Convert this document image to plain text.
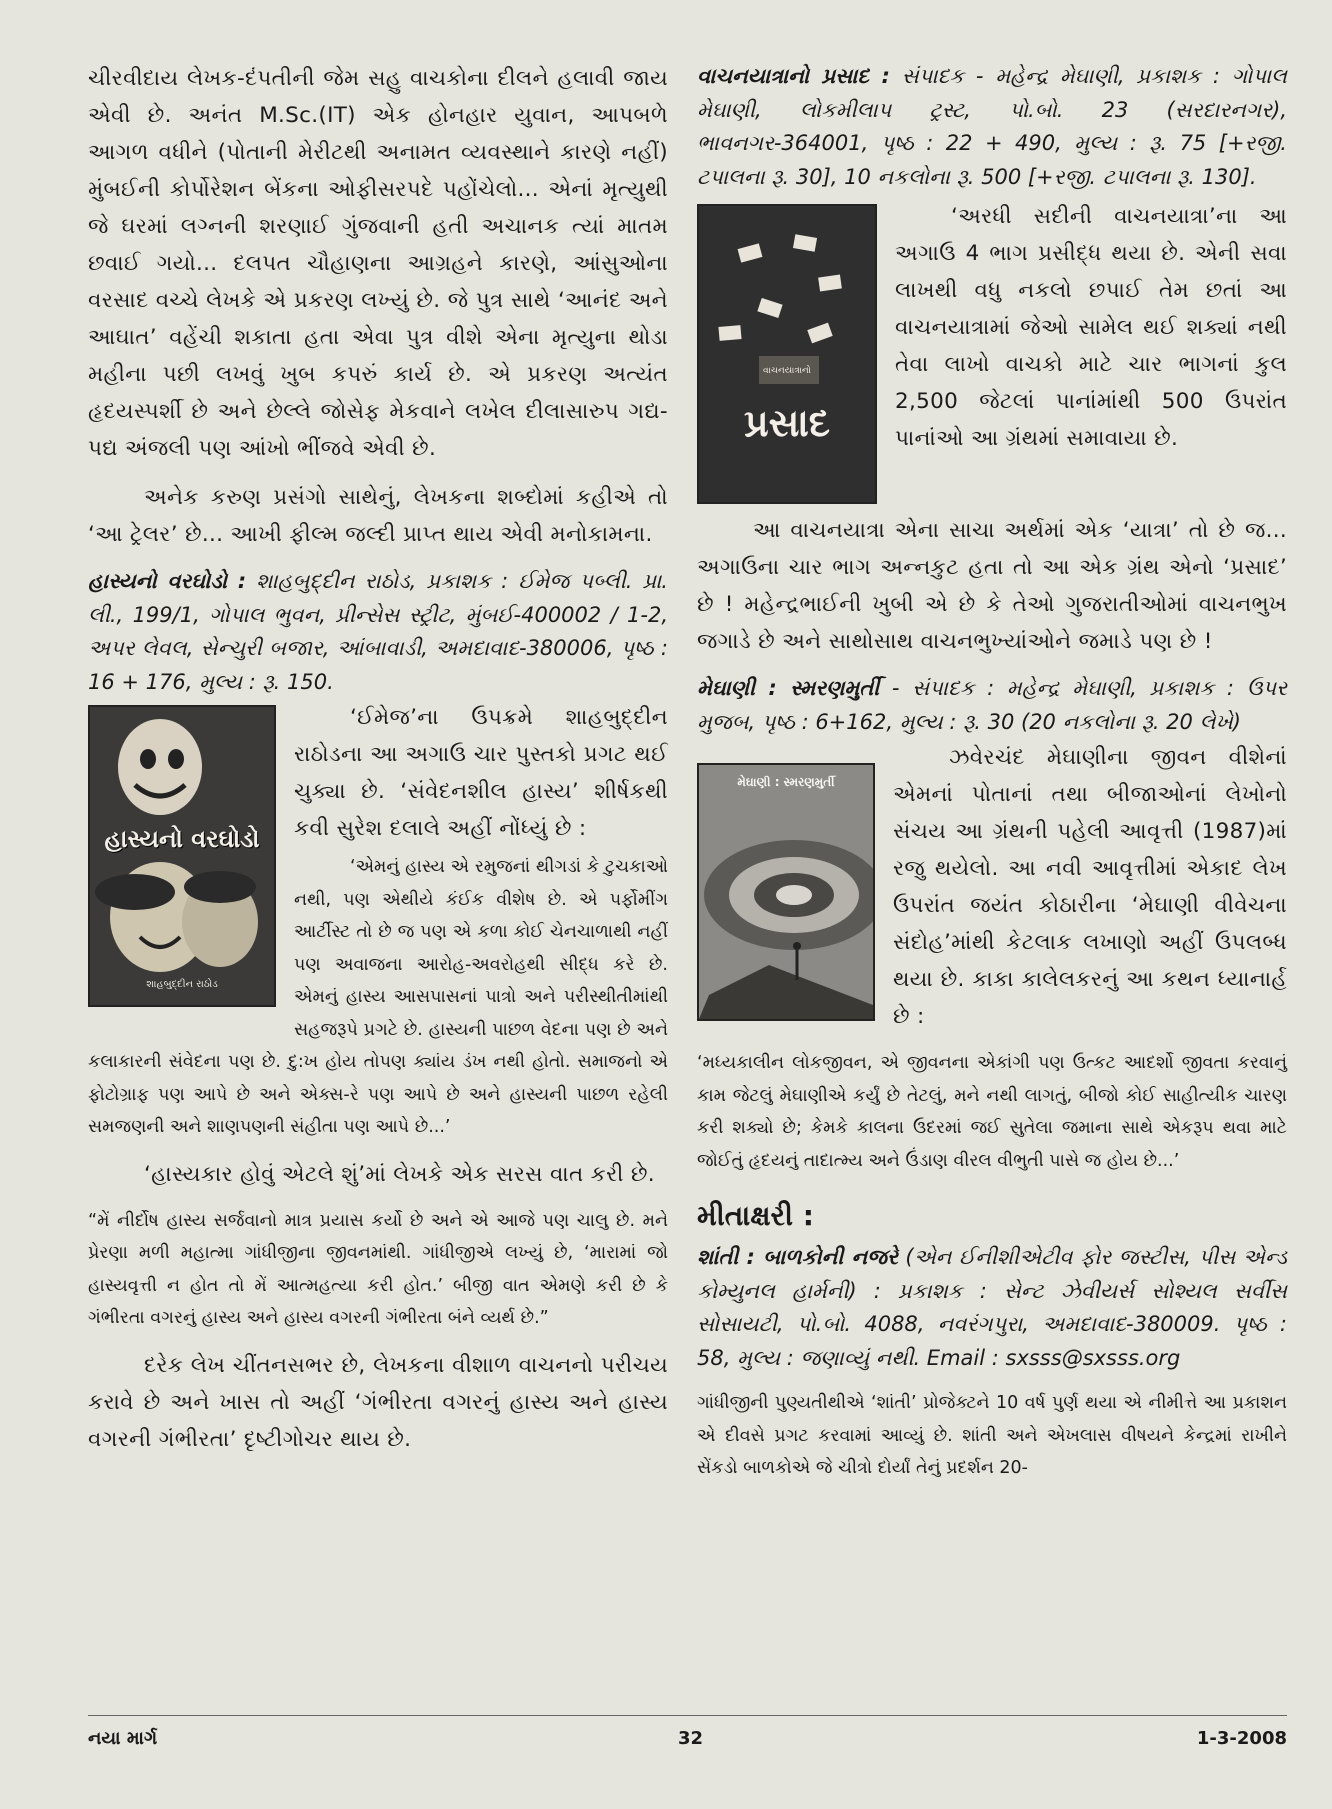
ચીરવીદાય લેખક-દંપતીની જેમ સહુ વાચકોના દીલને હલાવી જાય એવી છે. અનંત M.Sc.(IT) એક હોનહાર યુવાન, આપબળે આગળ વધીને (પોતાની મેરીટથી અનામત વ્યવસ્થાને કારણે નહીં) મુંબઈની કોર્પોરેશન બેંકના ઓફીસરપદે પહોંચેલો... એનાં મૃત્યુથી જે ઘરમાં લગ્નની શરણાઈ ગુંજવાની હતી અચાનક ત્યાં માતમ છવાઈ ગયો... દલપત ચૌહાણના આગ્રહને કારણે, આંસુઓના વરસાદ વચ્ચે લેખકે એ પ્રકરણ લખ્યું છે. જે પુત્ર સાથે ‘આનંદ અને આઘાત’ વહેંચી શકાતા હતા એવા પુત્ર વીશે એના મૃત્યુના થોડા મહીના પછી લખવું ખુબ કપરું કાર્ય છે. એ પ્રકરણ અત્યંત હૃદયસ્પર્શી છે અને છેલ્લે જોસેફ મેકવાને લખેલ દીલાસારુપ ગદ્ય-પદ્ય અંજલી પણ આંખો ભીંજવે એવી છે.

અનેક કરુણ પ્રસંગો સાથેનું, લેખકના શબ્દોમાં કહીએ તો ‘આ ટ્રેલર’ છે... આખી ફીલ્મ જલ્દી પ્રાપ્ત થાય એવી મનોકામના.

હાસ્યનો વરઘોડો : શાહબુદ્દીન રાઠોડ, પ્રકાશક : ઈમેજ પબ્લી. પ્રા. લી., 199/1, ગોપાલ ભુવન, પ્રીન્સેસ સ્ટ્રીટ, મુંબઈ-400002 / 1-2, અપર લેવલ, સેન્ચુરી બજાર, આંબાવાડી, અમદાવાદ-380006, પૃષ્ઠ : 16 + 176, મુલ્ય : રૂ. 150.

હાસ્યનો વરઘોડો
શાહબુદ્દીન રાઠોડ

‘ઈમેજ’ના ઉપક્રમે શાહબુદ્દીન રાઠોડના આ અગાઉ ચાર પુસ્તકો પ્રગટ થઈ ચુક્યા છે. ‘સંવેદનશીલ હાસ્ય’ શીર્ષકથી કવી સુરેશ દલાલે અહીં નોંધ્યું છે :

‘એમનું હાસ્ય એ રમુજનાં થીગડાં કે ટુચકાઓ નથી, પણ એથીયે કંઈક વીશેષ છે. એ પર્ફોમીંગ આર્ટીસ્ટ તો છે જ પણ એ કળા કોઈ ચેનચાળાથી નહીં પણ અવાજના આરોહ-અવરોહથી સીદ્ધ કરે છે. એમનું હાસ્ય આસપાસનાં પાત્રો અને પરીસ્થીતીમાંથી સહજરૂપે પ્રગટે છે. હાસ્યની પાછળ વેદના પણ છે અને કલાકારની સંવેદના પણ છે. દુ:ખ હોય તોપણ ક્યાંય ડંખ નથી હોતો. સમાજનો એ ફોટોગ્રાફ પણ આપે છે અને એક્સ-રે પણ આપે છે અને હાસ્યની પાછળ રહેલી સમજણની અને શાણપણની સંહીતા પણ આપે છે...’

‘હાસ્યકાર હોવું એટલે શું’માં લેખકે એક સરસ વાત કરી છે.

“મેં નીર્દોષ હાસ્ય સર્જવાનો માત્ર પ્રયાસ કર્યો છે અને એ આજે પણ ચાલુ છે. મને પ્રેરણા મળી મહાત્મા ગાંધીજીના જીવનમાંથી. ગાંધીજીએ લખ્યું છે, ‘મારામાં જો હાસ્યવૃત્તી ન હોત તો મેં આત્મહત્યા કરી હોત.’ બીજી વાત એમણે કરી છે કે ગંભીરતા વગરનું હાસ્ય અને હાસ્ય વગરની ગંભીરતા બંને વ્યર્થ છે.”

દરેક લેખ ચીંતનસભર છે, લેખકના વીશાળ વાચનનો પરીચય કરાવે છે અને ખાસ તો અહીં ‘ગંભીરતા વગરનું હાસ્ય અને હાસ્ય વગરની ગંભીરતા’ દૃષ્ટીગોચર થાય છે.

વાચનયાત્રાનો પ્રસાદ : સંપાદક - મહેન્દ્ર મેઘાણી, પ્રકાશક : ગોપાલ મેઘાણી, લોકમીલાપ ટ્રસ્ટ, પો.બો. 23 (સરદારનગર), ભાવનગર-364001, પૃષ્ઠ : 22 + 490, મુલ્ય : રૂ. 75 [+રજી. ટપાલના રૂ. 30], 10 નકલોના રૂ. 500 [+રજી. ટપાલના રૂ. 130].

વાચનયાત્રાનો
પ્રસાદ

‘અરધી સદીની વાચનયાત્રા’ના આ અગાઉ 4 ભાગ પ્રસીદ્ધ થયા છે. એની સવા લાખથી વધુ નકલો છપાઈ તેમ છતાં આ વાચનયાત્રામાં જેઓ સામેલ થઈ શક્યાં નથી તેવા લાખો વાચકો માટે ચાર ભાગનાં કુલ 2,500 જેટલાં પાનાંમાંથી 500 ઉપરાંત પાનાંઓ આ ગ્રંથમાં સમાવાયા છે.

આ વાચનયાત્રા એના સાચા અર્થમાં એક ‘યાત્રા’ તો છે જ... અગાઉના ચાર ભાગ અન્નકુટ હતા તો આ એક ગ્રંથ એનો ‘પ્રસાદ’ છે ! મહેન્દ્રભાઈની ખુબી એ છે કે તેઓ ગુજરાતીઓમાં વાચનભુખ જગાડે છે અને સાથોસાથ વાચનભુખ્યાંઓને જમાડે પણ છે !

મેઘાણી : સ્મરણમુર્તી - સંપાદક : મહેન્દ્ર મેઘાણી, પ્રકાશક : ઉપર મુજબ, પૃષ્ઠ : 6+162, મુલ્ય : રૂ. 30 (20 નકલોના રૂ. 20 લેખે)

મેઘાણી : સ્મરણમુર્તી

ઝવેરચંદ મેઘાણીના જીવન વીશેનાં એમનાં પોતાનાં તથા બીજાઓનાં લેખોનો સંચય આ ગ્રંથની પહેલી આવૃત્તી (1987)માં રજુ થયેલો. આ નવી આવૃત્તીમાં એકાદ લેખ ઉપરાંત જયંત કોઠારીના ‘મેઘાણી વીવેચના સંદોહ’માંથી કેટલાક લખાણો અહીં ઉપલબ્ધ થયા છે. કાકા કાલેલકરનું આ કથન ધ્યાનાર્હ છે :

‘મધ્યકાલીન લોકજીવન, એ જીવનના એકાંગી પણ ઉત્કટ આદર્શો જીવતા કરવાનું કામ જેટલું મેઘાણીએ કર્યું છે તેટલું, મને નથી લાગતું, બીજો કોઈ સાહીત્યીક ચારણ કરી શક્યો છે; કેમકે કાલના ઉદરમાં જઈ સુતેલા જમાના સાથે એકરૂપ થવા માટે જોઈતું હૃદયનું તાદાત્મ્ય અને ઉંડાણ વીરલ વીભુતી પાસે જ હોય છે...’

મીતાક્ષરી :

શાંતી : બાળકોની નજરે (એન ઈનીશીએટીવ ફોર જસ્ટીસ, પીસ એન્ડ કોમ્યુનલ હાર્મની) : પ્રકાશક : સેન્ટ ઝેવીયર્સ સોશ્યલ સર્વીસ સોસાયટી, પો.બો. 4088, નવરંગપુરા, અમદાવાદ-380009. પૃષ્ઠ : 58, મુલ્ય : જણાવ્યું નથી. Email : sxsss@sxsss.org

ગાંધીજીની પુણ્યતીથીએ ‘શાંતી’ પ્રોજેક્ટને 10 વર્ષ પુર્ણ થયા એ નીમીત્તે આ પ્રકાશન એ દીવસે પ્રગટ કરવામાં આવ્યું છે. શાંતી અને એખલાસ વીષયને કેન્દ્રમાં રાખીને સેંકડો બાળકોએ જે ચીત્રો દોર્યાં તેનું પ્રદર્શન 20-

નયા માર્ગ	32	1-3-2008
